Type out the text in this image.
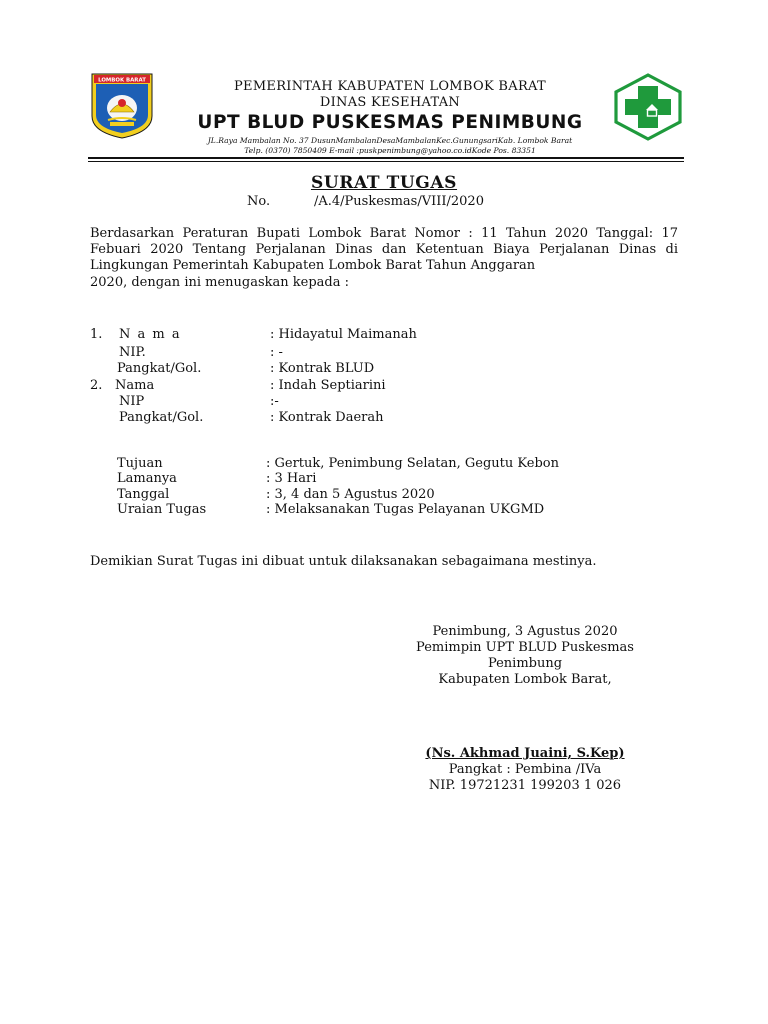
LOMBOK BARAT	PEMERINTAH KABUPATEN LOMBOK BARAT
DINAS KESEHATAN
UPT BLUD PUSKESMAS PENIMBUNG
JL.Raya Mambalan No. 37 DusunMambalanDesaMambalanKec.GunungsariKab. Lombok Barat
Telp. (0370) 7850409 E-mail :puskpenimbung@yahoo.co.idKode Pos. 83351
SURAT TUGAS
No.	/A.4/Puskesmas/VIII/2020
Berdasarkan Peraturan Bupati Lombok Barat Nomor : 11 Tahun 2020 Tanggal: 17 Febuari 2020 Tentang Perjalanan Dinas dan Ketentuan Biaya Perjalanan Dinas di Lingkungan Pemerintah Kabupaten Lombok Barat Tahun Anggaran
2020, dengan ini menugaskan kepada :
1. N a m a	: Hidayatul Maimanah
NIP.	: -
Pangkat/Gol.	: Kontrak BLUD
2. Nama	: Indah Septiarini
NIP	:-
Pangkat/Gol.	: Kontrak Daerah
Tujuan	: Gertuk, Penimbung Selatan, Gegutu Kebon
Lamanya	: 3 Hari
Tanggal	: 3, 4 dan 5 Agustus 2020
Uraian Tugas	: Melaksanakan Tugas Pelayanan UKGMD
Demikian Surat Tugas ini dibuat untuk dilaksanakan sebagaimana mestinya.
Penimbung, 3 Agustus 2020
Pemimpin UPT BLUD Puskesmas
Penimbung
Kabupaten Lombok Barat,
(Ns. Akhmad Juaini, S.Kep)
Pangkat : Pembina /IVa
NIP. 19721231 199203 1 026
